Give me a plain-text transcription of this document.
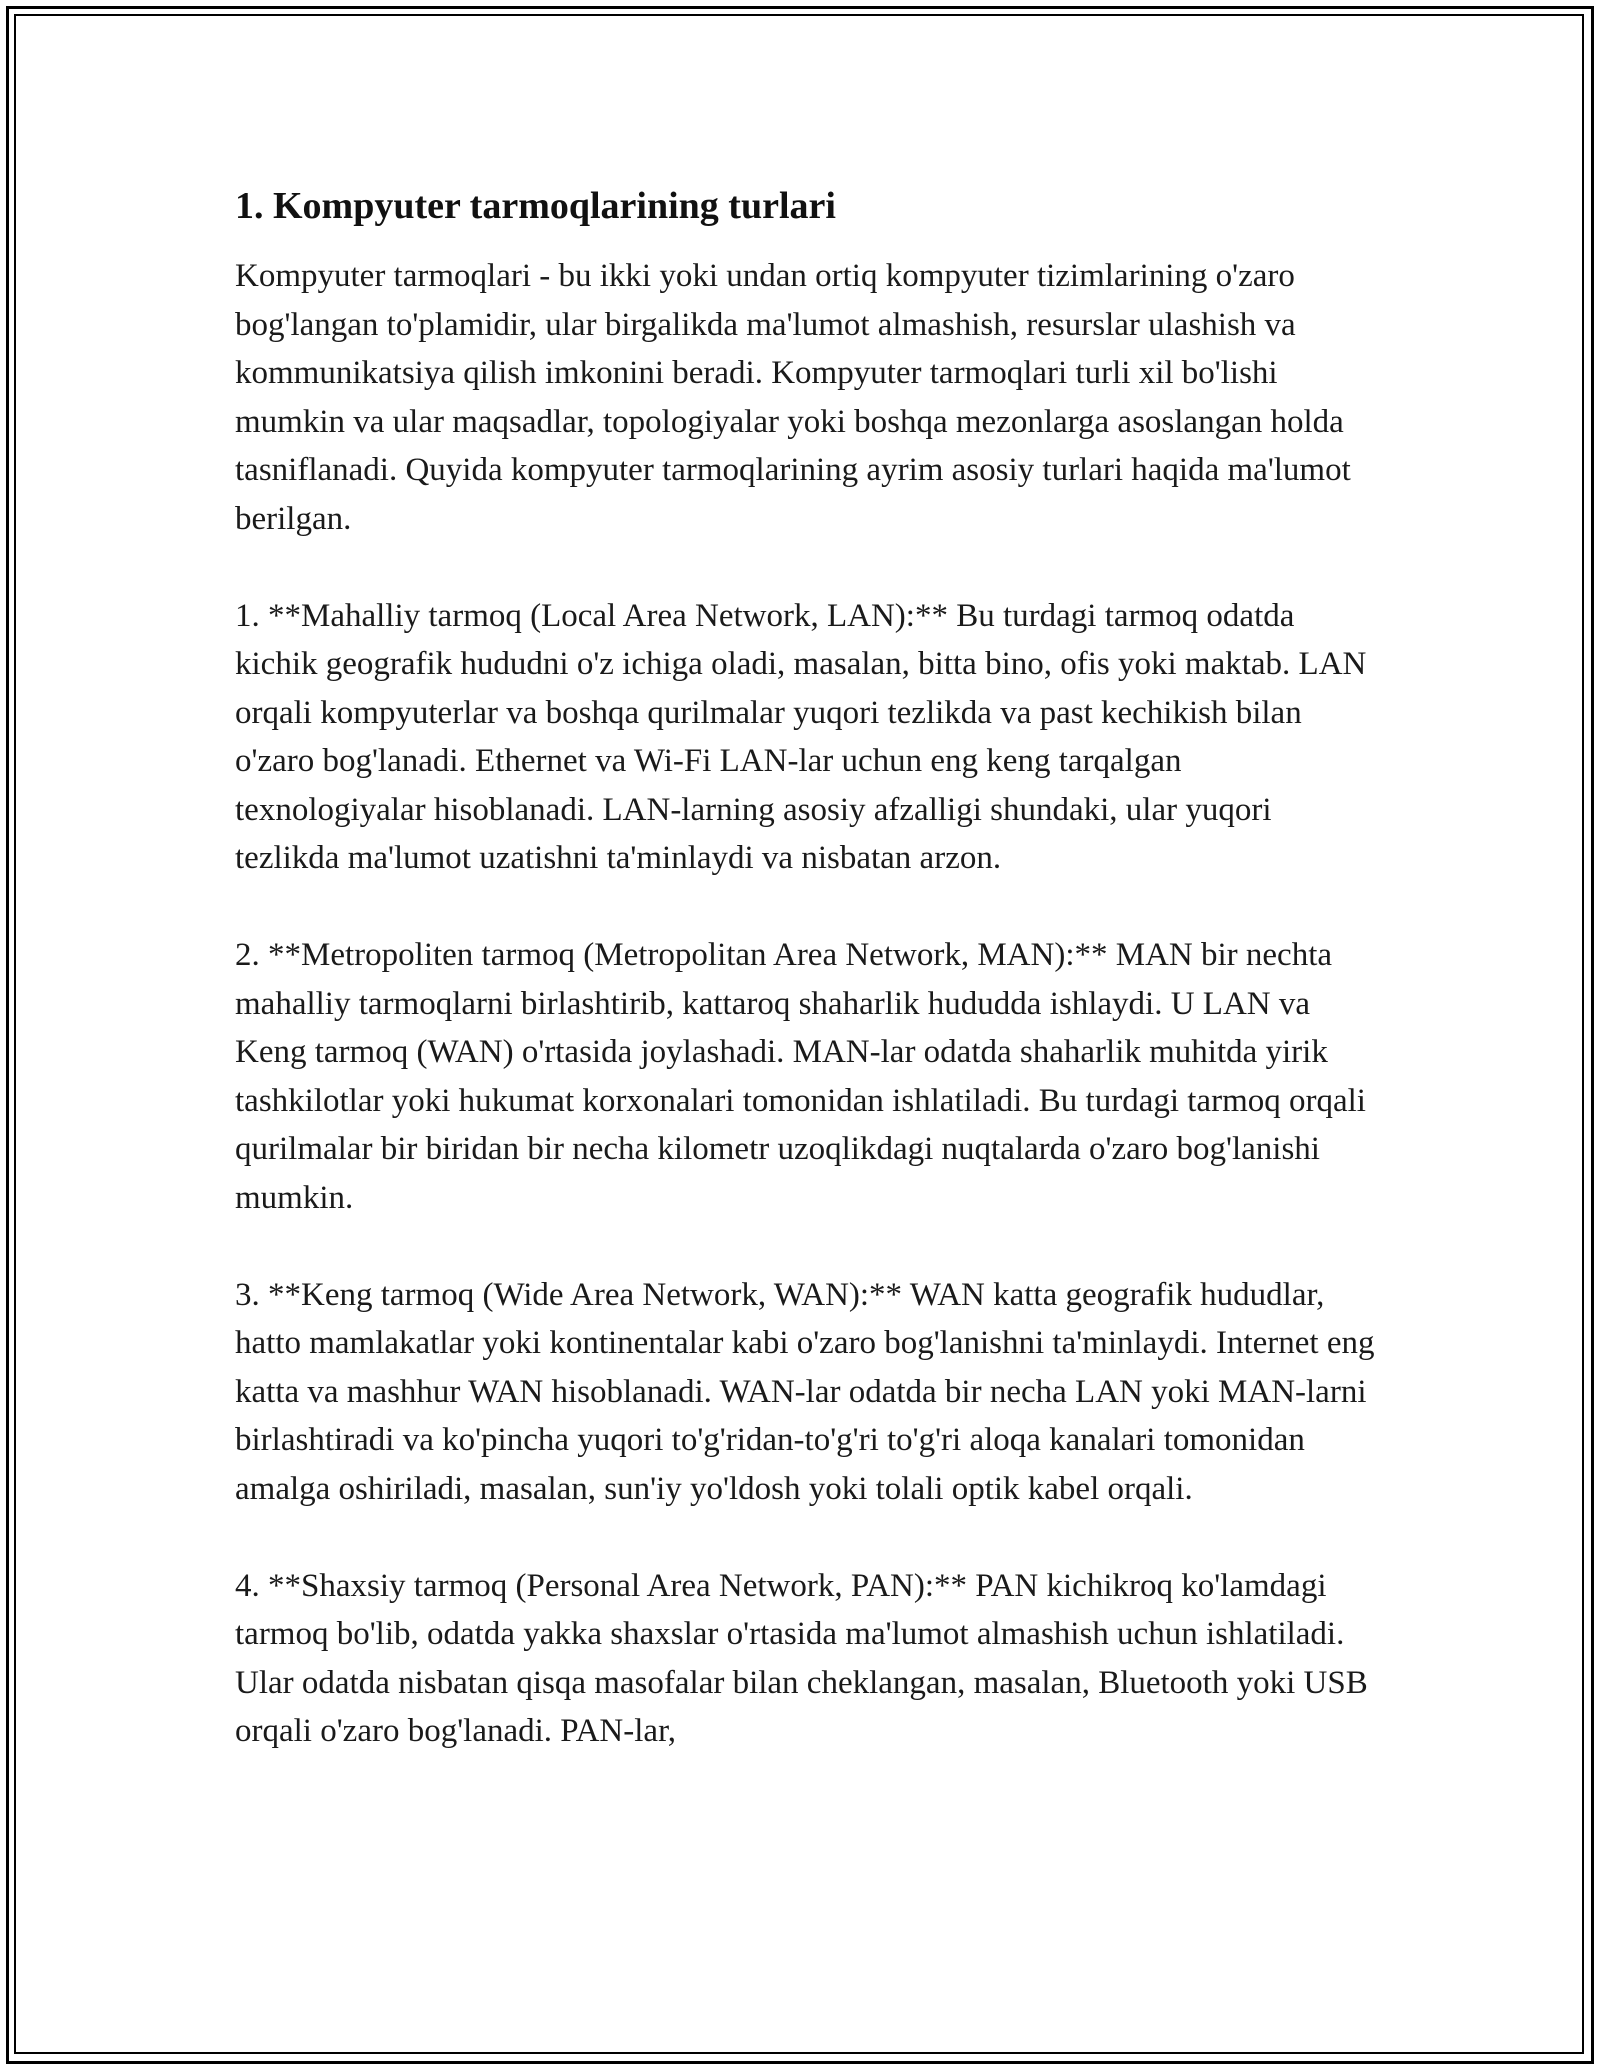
1. Kompyuter tarmoqlarining turlari

Kompyuter tarmoqlari - bu ikki yoki undan ortiq kompyuter tizimlarining o'zaro bog'langan to'plamidir, ular birgalikda ma'lumot almashish, resurslar ulashish va kommunikatsiya qilish imkonini beradi. Kompyuter tarmoqlari turli xil bo'lishi mumkin va ular maqsadlar, topologiyalar yoki boshqa mezonlarga asoslangan holda tasniflanadi. Quyida kompyuter tarmoqlarining ayrim asosiy turlari haqida ma'lumot berilgan.

1. **Mahalliy tarmoq (Local Area Network, LAN):** Bu turdagi tarmoq odatda kichik geografik hududni o'z ichiga oladi, masalan, bitta bino, ofis yoki maktab. LAN orqali kompyuterlar va boshqa qurilmalar yuqori tezlikda va past kechikish bilan o'zaro bog'lanadi. Ethernet va Wi-Fi LAN-lar uchun eng keng tarqalgan texnologiyalar hisoblanadi. LAN-larning asosiy afzalligi shundaki, ular yuqori tezlikda ma'lumot uzatishni ta'minlaydi va nisbatan arzon.

2. **Metropoliten tarmoq (Metropolitan Area Network, MAN):** MAN bir nechta mahalliy tarmoqlarni birlashtirib, kattaroq shaharlik hududda ishlaydi. U LAN va Keng tarmoq (WAN) o'rtasida joylashadi. MAN-lar odatda shaharlik muhitda yirik tashkilotlar yoki hukumat korxonalari tomonidan ishlatiladi. Bu turdagi tarmoq orqali qurilmalar bir biridan bir necha kilometr uzoqlikdagi nuqtalarda o'zaro bog'lanishi mumkin.

3. **Keng tarmoq (Wide Area Network, WAN):** WAN katta geografik hududlar, hatto mamlakatlar yoki kontinentalar kabi o'zaro bog'lanishni ta'minlaydi. Internet eng katta va mashhur WAN hisoblanadi. WAN-lar odatda bir necha LAN yoki MAN-larni birlashtiradi va ko'pincha yuqori to'g'ridan-to'g'ri to'g'ri aloqa kanalari tomonidan amalga oshiriladi, masalan, sun'iy yo'ldosh yoki tolali optik kabel orqali.

4. **Shaxsiy tarmoq (Personal Area Network, PAN):** PAN kichikroq ko'lamdagi tarmoq bo'lib, odatda yakka shaxslar o'rtasida ma'lumot almashish uchun ishlatiladi. Ular odatda nisbatan qisqa masofalar bilan cheklangan, masalan, Bluetooth yoki USB orqali o'zaro bog'lanadi. PAN-lar,
